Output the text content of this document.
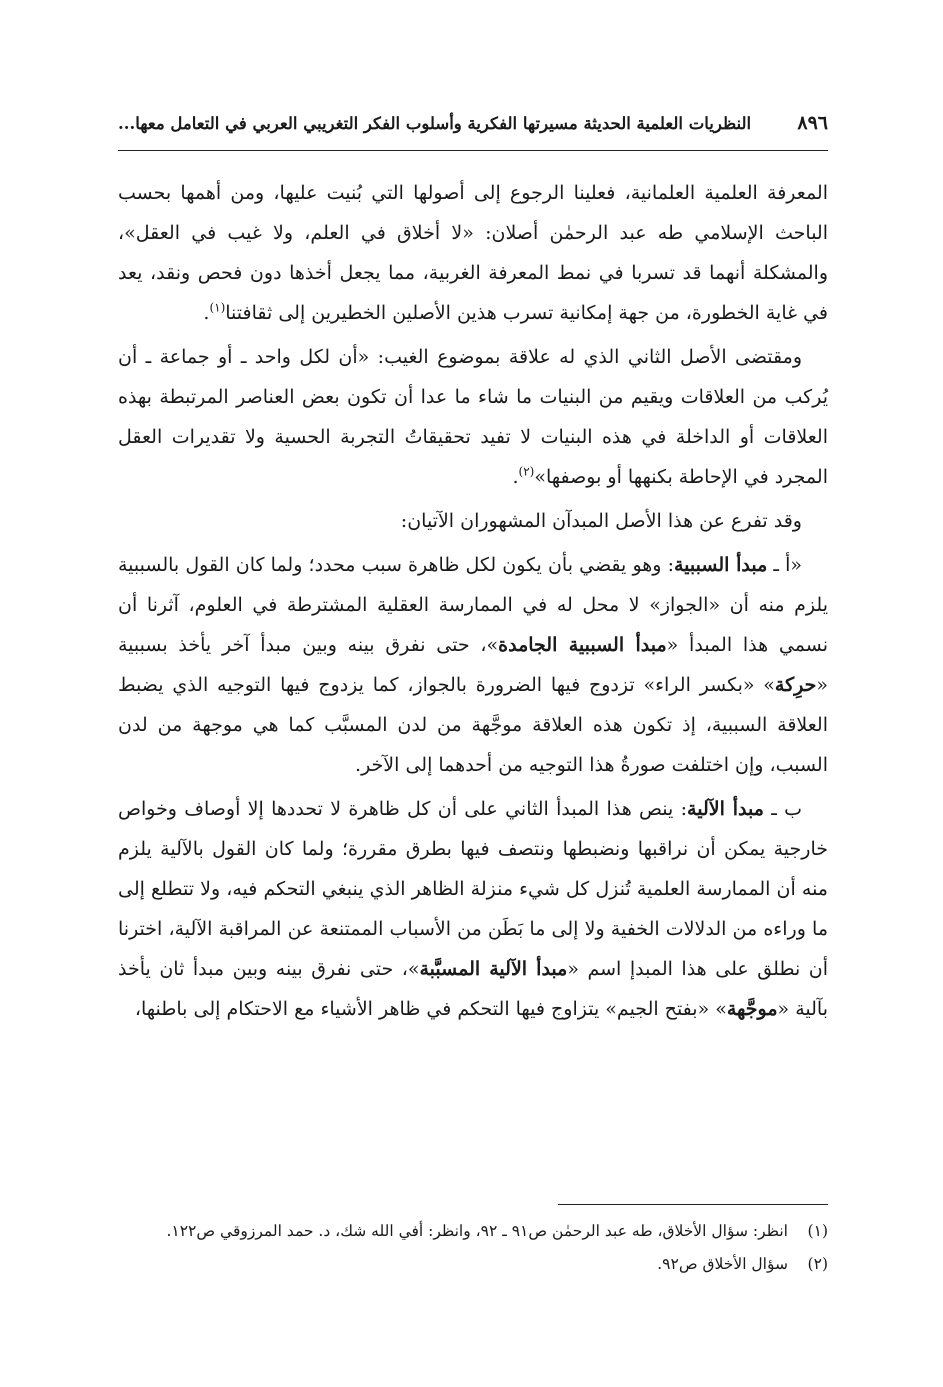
٨٩٦
النظريات العلمية الحديثة مسيرتها الفكرية وأسلوب الفكر التغريبي العربي في التعامل معها...

المعرفة العلمية العلمانية، فعلينا الرجوع إلى أصولها التي بُنيت عليها، ومن أهمها بحسب الباحث الإسلامي طه عبد الرحمٰن أصلان: «لا أخلاق في العلم، ولا غيب في العقل»، والمشكلة أنهما قد تسربا في نمط المعرفة الغربية، مما يجعل أخذها دون فحص ونقد، يعد في غاية الخطورة، من جهة إمكانية تسرب هذين الأصلين الخطيرين إلى ثقافتنا$^{(١)}$.

ومقتضى الأصل الثاني الذي له علاقة بموضوع الغيب: «أن لكل واحد ـ أو جماعة ـ أن يُركب من العلاقات ويقيم من البنيات ما شاء ما عدا أن تكون بعض العناصر المرتبطة بهذه العلاقات أو الداخلة في هذه البنيات لا تفيد تحقيقاتُ التجربة الحسية ولا تقديرات العقل المجرد في الإحاطة بكنهها أو بوصفها»$^{(٢)}$.

وقد تفرع عن هذا الأصل المبدآن المشهوران الآتيان:

«أ ـ مبدأ السببية: وهو يقضي بأن يكون لكل ظاهرة سبب محدد؛ ولما كان القول بالسببية يلزم منه أن «الجواز» لا محل له في الممارسة العقلية المشترطة في العلوم، آثرنا أن نسمي هذا المبدأ «مبدأ السببية الجامدة»، حتى نفرق بينه وبين مبدأ آخر يأخذ بسببية «حرِكة» «بكسر الراء» تزدوج فيها الضرورة بالجواز، كما يزدوج فيها التوجيه الذي يضبط العلاقة السببية، إذ تكون هذه العلاقة موجَّهة من لدن المسبَّب كما هي موجهة من لدن السبب، وإن اختلفت صورةُ هذا التوجيه من أحدهما إلى الآخر.

ب ـ مبدأ الآلية: ينص هذا المبدأ الثاني على أن كل ظاهرة لا تحددها إلا أوصاف وخواص خارجية يمكن أن نراقبها ونضبطها ونتصف فيها بطرق مقررة؛ ولما كان القول بالآلية يلزم منه أن الممارسة العلمية تُنزل كل شيء منزلة الظاهر الذي ينبغي التحكم فيه، ولا تتطلع إلى ما وراءه من الدلالات الخفية ولا إلى ما بَطَن من الأسباب الممتنعة عن المراقبة الآلية، اخترنا أن نطلق على هذا المبدإ اسم «مبدأ الآلية المسبَّبة»، حتى نفرق بينه وبين مبدأ ثان يأخذ بآلية «موجَّهة» «بفتح الجيم» يتزاوج فيها التحكم في ظاهر الأشياء مع الاحتكام إلى باطنها،

(١)
انظر: سؤال الأخلاق، طه عبد الرحمٰن ص٩١ ـ ٩٢، وانظر: أفي الله شك، د. حمد المرزوقي ص١٢٢.
(٢)
سؤال الأخلاق ص٩٢.
